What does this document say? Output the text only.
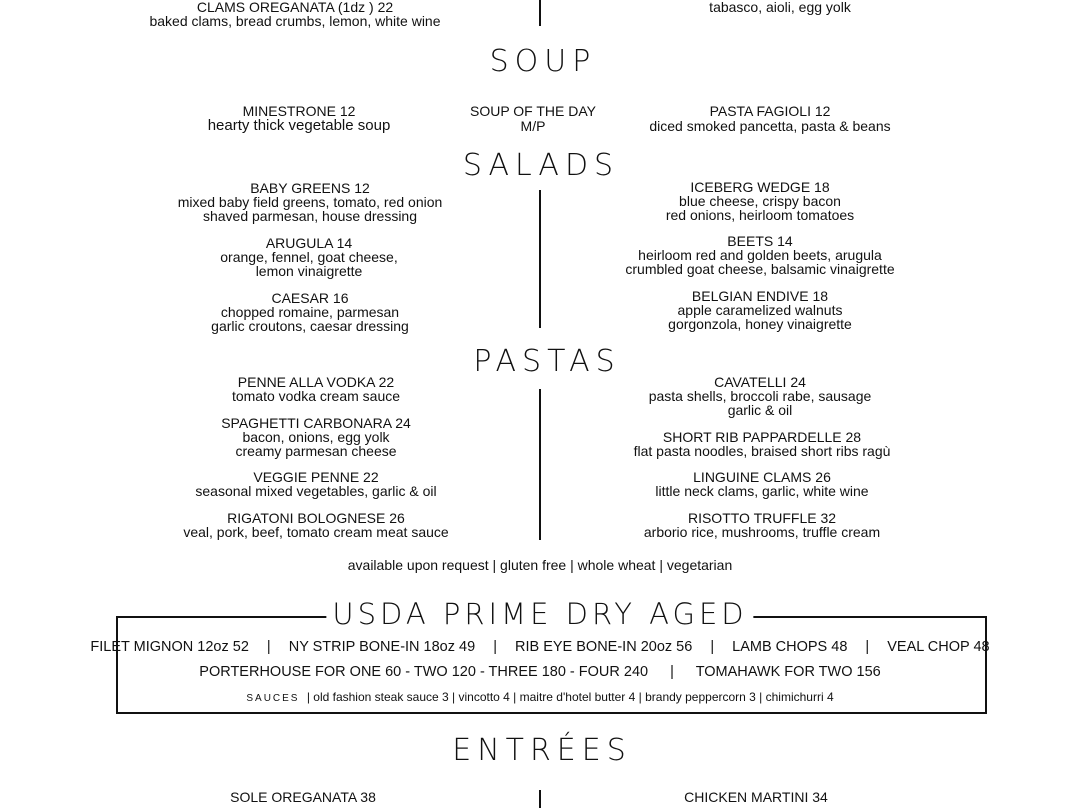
CLAMS OREGANATA (1dz ) 22
baked clams, bread crumbs, lemon, white wine
tabasco, aioli, egg yolk
SOUP
MINESTRONE 12
hearty thick vegetable soup
SOUP OF THE DAY
M/P
PASTA FAGIOLI 12
diced smoked pancetta, pasta & beans
SALADS
BABY GREENS 12
mixed baby field greens, tomato, red onion
shaved parmesan, house dressing
ARUGULA 14
orange, fennel, goat cheese,
lemon vinaigrette
CAESAR 16
chopped romaine, parmesan
garlic croutons, caesar dressing
ICEBERG WEDGE 18
blue cheese, crispy bacon
red onions, heirloom tomatoes
BEETS 14
heirloom red and golden beets, arugula
crumbled goat cheese, balsamic vinaigrette
BELGIAN ENDIVE 18
apple caramelized walnuts
gorgonzola, honey vinaigrette
PASTAS
PENNE ALLA VODKA 22
tomato vodka cream sauce
SPAGHETTI CARBONARA 24
bacon, onions, egg yolk
creamy parmesan cheese
VEGGIE PENNE 22
seasonal mixed vegetables, garlic & oil
RIGATONI BOLOGNESE 26
veal, pork, beef, tomato cream meat sauce
CAVATELLI 24
pasta shells, broccoli rabe, sausage
garlic & oil
SHORT RIB PAPPARDELLE 28
flat pasta noodles, braised short ribs ragù
LINGUINE CLAMS 26
little neck clams, garlic, white wine
RISOTTO TRUFFLE 32
arborio rice, mushrooms, truffle cream
available upon request | gluten free | whole wheat | vegetarian
USDA PRIME DRY AGED
FILET MIGNON 12oz 52 | NY STRIP BONE-IN 18oz 49 | RIB EYE BONE-IN 20oz 56 | LAMB CHOPS 48 | VEAL CHOP 48
PORTERHOUSE FOR ONE 60 - TWO 120 - THREE 180 - FOUR 240 | TOMAHAWK FOR TWO 156
SAUCES | old fashion steak sauce 3 | vincotto 4 | maitre d'hotel butter 4 | brandy peppercorn 3 | chimichurri 4
ENTRÉES
SOLE OREGANATA 38	CHICKEN MARTINI 34
